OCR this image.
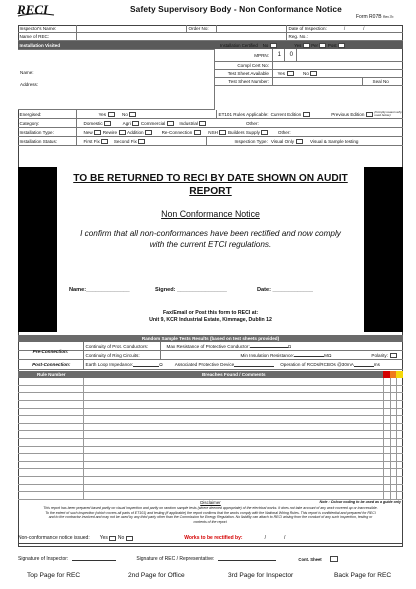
RECI	Safety Supervisory Body - Non Conformance Notice
Form R07B Rev.7b
Inspector's Name:	Order No:	Date of Inspection:	/	/
Name of REC:	Reg. No.:
Installation Visited	Installation Certified No	Yes Per Post
Name:
Address:
MPRN:	1	0
Compl Cert No:
Test Sheet Available	Yes	No
Test Sheet Number:	Seal No
Energised:	Yes	No	ET101 Rules Applicable: Current Edition	Previous Edition	(Comply reason why used below)
Category:	Domestic	Agri Commercial	Industrial	Other:
Installation Type:	New Rewire Addition	Re-Connection	NSH Builders Supply	Other:
Installation Status:	First Fix	Second Fix	Inspection Type: Visual Only	Visual & Sample testing
TO BE RETURNED TO RECI BY DATE SHOWN ON AUDIT
REPORT
Non Conformance Notice
I confirm that all non-conformances have been rectified and now comply
with the current ETCI regulations.
Name:______________	Signed: ________________	Date: _____________
Fax/Email or Post this form to RECI at:
Unit 9, KCR Industrial Estate, Kimmage, Dublin 12
Random Sample Tests Results (based on test sheets provided)
Continuity of Prot. Conductors:	Max Resistance of Protective Conductor:	Ω
Continuity of Ring Circuits:	Min Insulation Resistance:	MΩ	Polarity:
Pre-Connection:
Post-Connection:	Earth Loop Impedance:	Ω	Associated Protective Device	Operation of RCDs/RCBOs @30mA	ms
Rule Number	Breaches Found / Comments
Disclaimer	Note : Colour coding to be used as a guide only
This report has been prepared based partly on visual inspection and partly on random sample tests (where deemed appropriate) of the electrical works. It does not take account of any work covered up or inaccessible.
To the extent of such inspection (which covers all parts of ET101) and testing (if applicable) the report confirms that the works comply with the National Wiring Rules. This report is confidential and prepared for RECI
and to the contractor involved and may not be used by any third party other than the Commission for Energy Regulation. No liability can attach to RECI arising from the conduct of any such inspection, testing or
contents of the report.
Non-conformance notice issued: Yes No	Works to be rectified by:	/	/
Signature of Inspector:	Signature of REC / Representative:	Cont. Sheet
Top Page for REC	2nd Page for Office	3rd Page for Inspector	Back Page for REC
